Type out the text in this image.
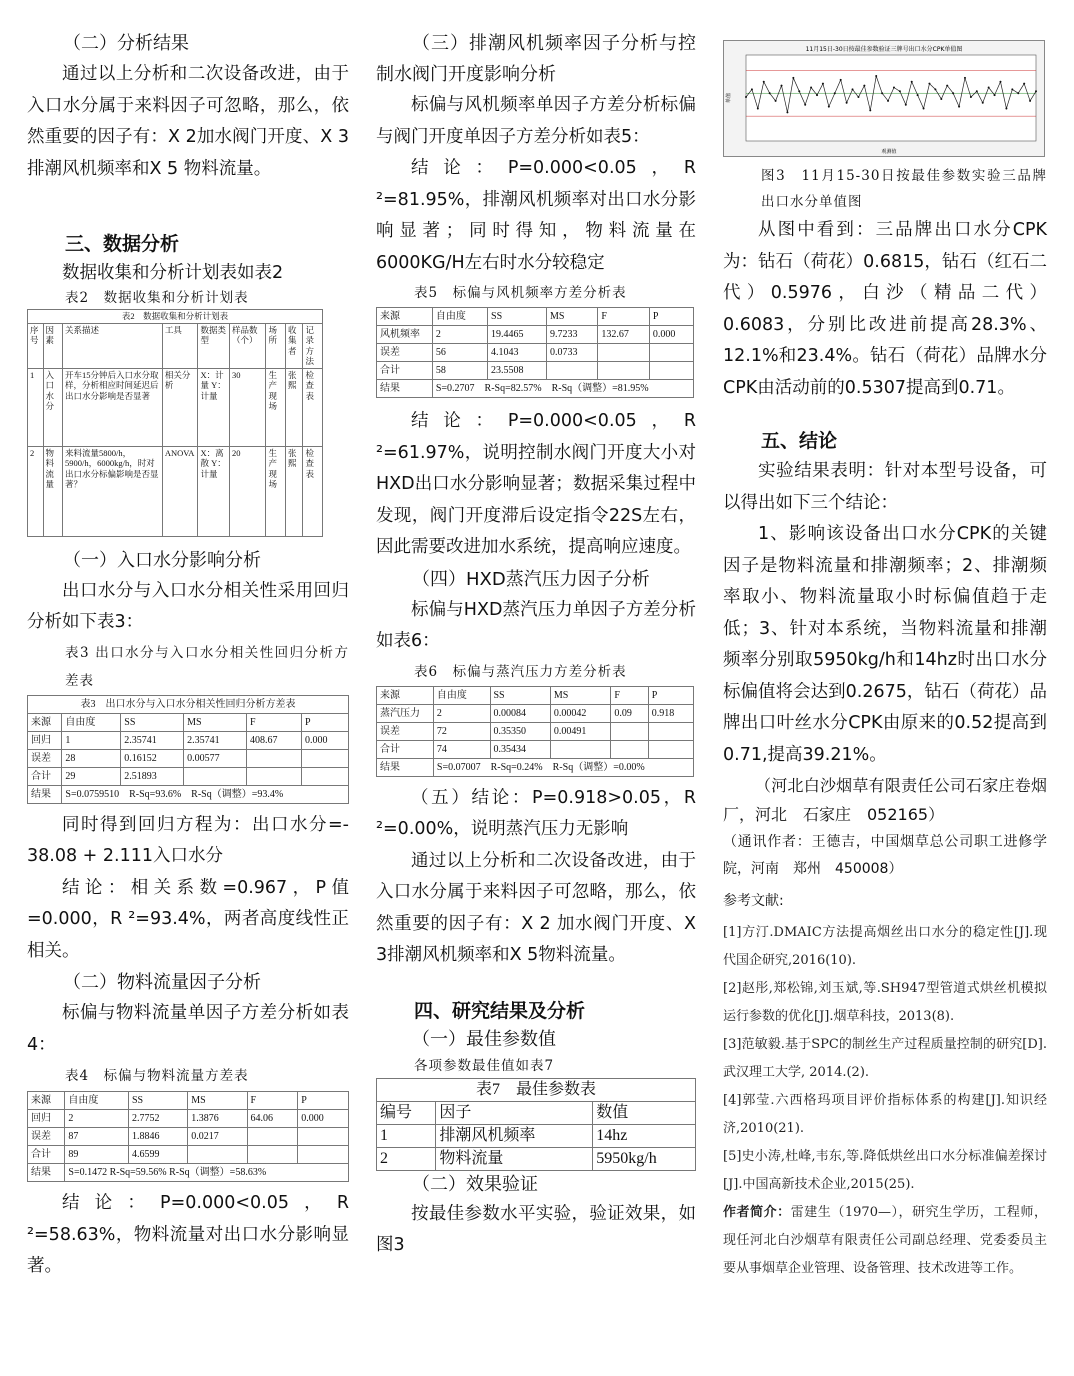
（二）分析结果

通过以上分析和二次设备改进，由于入口水分属于来料因子可忽略，那么，依然重要的因子有：X 2加水阀门开度、X 3排潮风机频率和X 5 物料流量。

三、数据分析

数据收集和分析计划表如表2

表2　数据收集和分析计划表

表2　数据收集和分析计划表								
序号	因素	关系描述	工具	数据类型	样品数（个）	场所	收集者	记录方法
1	入口水分	开车15分钟后入口水分取样，分析相应时间延迟后出口水分影响是否显著	相关分析	X：计量 Y：计量	30	生产现场	张熙	检查表
2	物料流量	来料流量5800/h，5900/h，6000kg/h，时对出口水分标偏影响是否显著？	ANOVA	X：离散 Y：计量	20	生产现场	张熙	检查表

（一）入口水分影响分析

出口水分与入口水分相关性采用回归分析如下表3：

表3 出口水分与入口水分相关性回归分析方差表

表3　出口水分与入口水分相关性回归分析方差表					
来源	自由度	SS	MS	F	P
回归	1	2.35741	2.35741	408.67	0.000
误差	28	0.16152	0.00577		
合计	29	2.51893			
结果	S=0.0759510　R-Sq=93.6%　R-Sq（调整）=93.4%				

同时得到回归方程为：出口水分=- 38.08 + 2.111入口水分

结论：相关系数=0.967，P值=0.000，R ²=93.4%，两者高度线性正相关。

（二）物料流量因子分析

标偏与物料流量单因子方差分析如表4：

表4　标偏与物料流量方差表

来源	自由度	SS	MS	F	P
回归	2	2.7752	1.3876	64.06	0.000
误差	87	1.8846	0.0217		
合计	89	4.6599			
结果	S=0.1472 R-Sq=59.56% R-Sq（调整）=58.63%				

结论：P=0.000<0.05，R ²=58.63%，物料流量对出口水分影响显著。

（三）排潮风机频率因子分析与控制水阀门开度影响分析

标偏与风机频率单因子方差分析标偏与阀门开度单因子方差分析如表5：

结论：P=0.000<0.05，R ²=81.95%，排潮风机频率对出口水分影响显著；同时得知，物料流量在6000KG/H左右时水分较稳定

表5　标偏与风机频率方差分析表

来源	自由度	SS	MS	F	P
风机频率	2	19.4465	9.7233	132.67	0.000
误差	56	4.1043	0.0733		
合计	58	23.5508			
结果	S=0.2707　R-Sq=82.57%　R-Sq（调整）=81.95%				

结论：P=0.000<0.05，R ²=61.97%，说明控制水阀门开度大小对HXD出口水分影响显著；数据采集过程中发现，阀门开度滞后设定指令22S左右，因此需要改进加水系统，提高响应速度。

（四）HXD蒸汽压力因子分析

标偏与HXD蒸汽压力单因子方差分析如表6：

表6　标偏与蒸汽压力方差分析表

来源	自由度	SS	MS	F	P
蒸汽压力	2	0.00084	0.00042	0.09	0.918
误差	72	0.35350	0.00491		
合计	74	0.35434			
结果	S=0.07007　R-Sq=0.24%　R-Sq（调整）=0.00%				

（五）结论：P=0.918>0.05，R ²=0.00%，说明蒸汽压力无影响

通过以上分析和二次设备改进，由于入口水分属于来料因子可忽略，那么，依然重要的因子有：X 2 加水阀门开度、X 3排潮风机频率和X 5物料流量。

四、研究结果及分析

（一）最佳参数值

各项参数最佳值如表7

表7　最佳参数表		
编号	因子	数值
1	排潮风机频率	14hz
2	物料流量	5950kg/h

（二）效果验证

按最佳参数水平实验，验证效果，如图3

11月15日-30日按最佳参数验证三牌号出口水分CPK单值图
单值
观测值

图3　11月15-30日按最佳参数实验三品牌出口水分单值图

从图中看到：三品牌出口水分CPK为：钻石（荷花）0.6815，钻石（红石二代）0.5976，白沙（精品二代）0.6083，分别比改进前提高28.3%、12.1%和23.4%。钻石（荷花）品牌水分CPK由活动前的0.5307提高到0.71。

五、结论

实验结果表明：针对本型号设备，可以得出如下三个结论：

1、影响该设备出口水分CPK的关键因子是物料流量和排潮频率；2、排潮频率取小、物料流量取小时标偏值趋于走低；3、针对本系统，当物料流量和排潮频率分别取5950kg/h和14hz时出口水分标偏值将会达到0.2675，钻石（荷花）品牌出口叶丝水分CPK由原来的0.52提高到0.71,提高39.21%。

（河北白沙烟草有限责任公司石家庄卷烟厂，河北　石家庄　052165）

（通讯作者：王德吉，中国烟草总公司职工进修学院，河南　郑州　450008）

参考文献:

[1]方汀.DMAIC方法提高烟丝出口水分的稳定性[J].现代国企研究,2016(10).

[2]赵彤,郑松锦,刘玉斌,等.SH947型管道式烘丝机模拟运行参数的优化[J].烟草科技，2013(8).

[3]范敏毅.基于SPC的制丝生产过程质量控制的研究[D].武汉理工大学, 2014.(2).

[4]郭莹.六西格玛项目评价指标体系的构建[J].知识经济,2010(21).

[5]史小涛,杜峰,韦东,等.降低烘丝出口水分标准偏差探讨[J].中国高新技术企业,2015(25).

作者简介：雷建生（1970—），研究生学历，工程师，现任河北白沙烟草有限责任公司副总经理、党委委员主要从事烟草企业管理、设备管理、技术改进等工作。
